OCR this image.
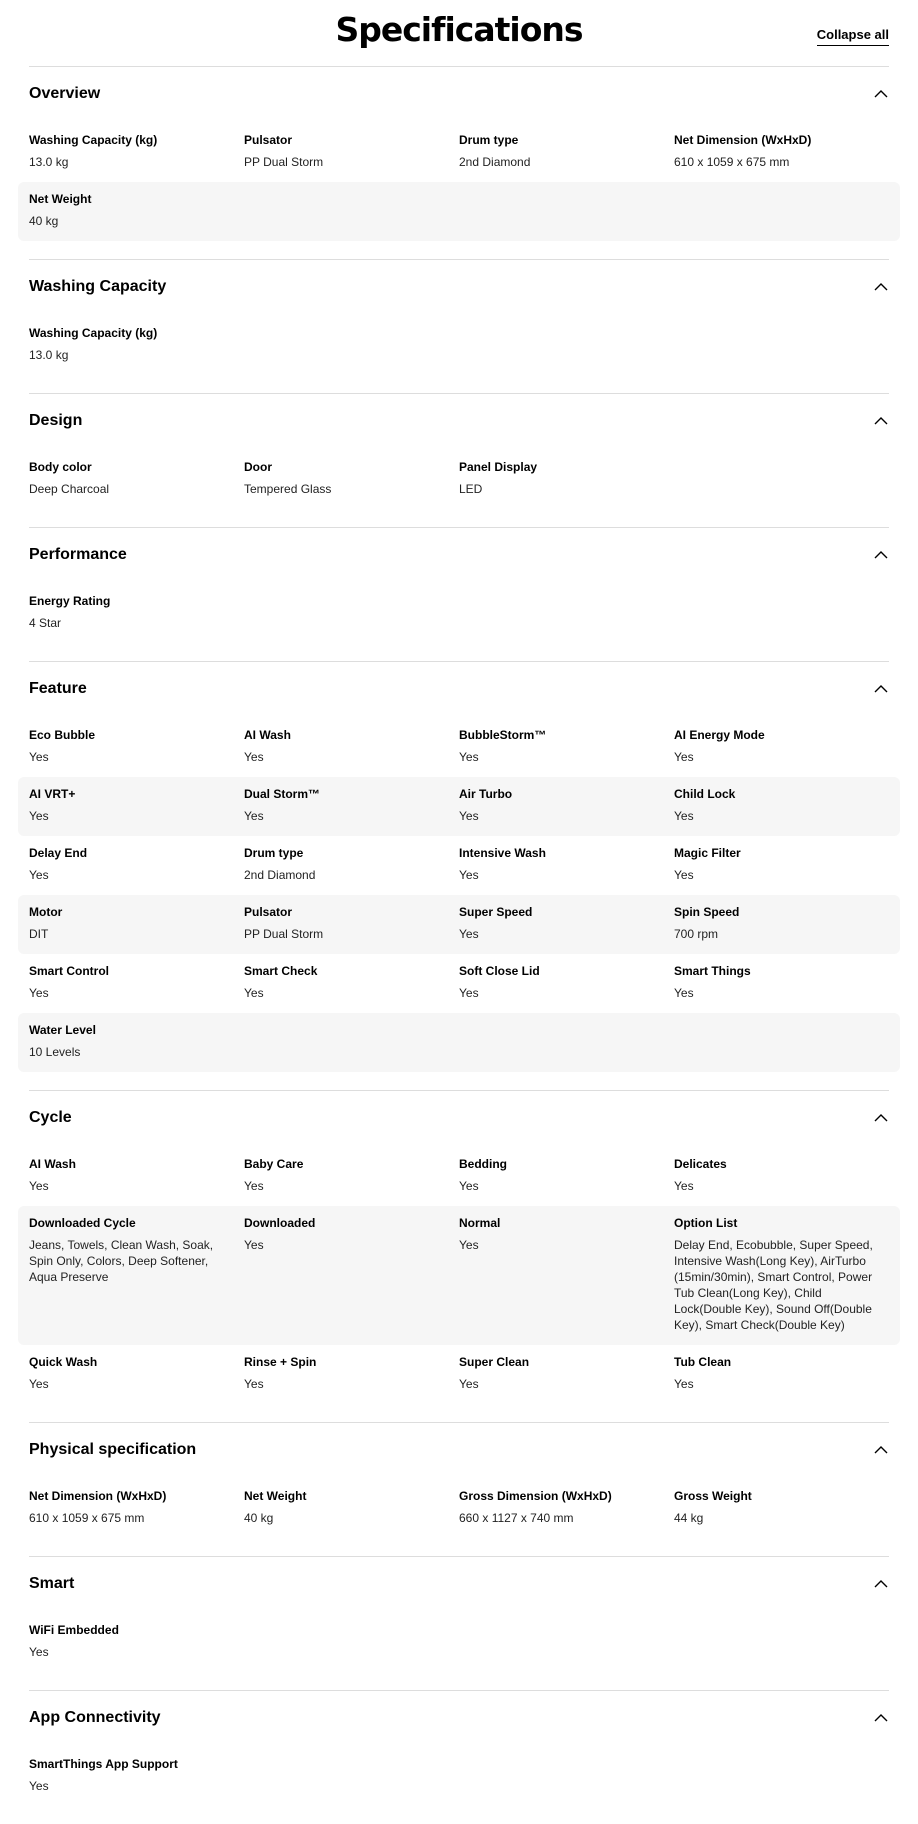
Specifications	Collapse all
Overview
Washing Capacity (kg)
13.0 kg
Pulsator
PP Dual Storm
Drum type
2nd Diamond
Net Dimension (WxHxD)
610 x 1059 x 675 mm
Net Weight
40 kg
Washing Capacity
Washing Capacity (kg)
13.0 kg
Design
Body color
Deep Charcoal
Door
Tempered Glass
Panel Display
LED
Performance
Energy Rating
4 Star
Feature
Eco Bubble
Yes
AI Wash
Yes
BubbleStorm™
Yes
AI Energy Mode
Yes
AI VRT+
Yes
Dual Storm™
Yes
Air Turbo
Yes
Child Lock
Yes
Delay End
Yes
Drum type
2nd Diamond
Intensive Wash
Yes
Magic Filter
Yes
Motor
DIT
Pulsator
PP Dual Storm
Super Speed
Yes
Spin Speed
700 rpm
Smart Control
Yes
Smart Check
Yes
Soft Close Lid
Yes
Smart Things
Yes
Water Level
10 Levels
Cycle
AI Wash
Yes
Baby Care
Yes
Bedding
Yes
Delicates
Yes
Downloaded Cycle
Jeans, Towels, Clean Wash, Soak, Spin Only, Colors, Deep Softener, Aqua Preserve
Downloaded
Yes
Normal
Yes
Option List
Delay End, Ecobubble, Super Speed, Intensive Wash(Long Key), AirTurbo (15min/30min), Smart Control, Power Tub Clean(Long Key), Child Lock(Double Key), Sound Off(Double Key), Smart Check(Double Key)
Quick Wash
Yes
Rinse + Spin
Yes
Super Clean
Yes
Tub Clean
Yes
Physical specification
Net Dimension (WxHxD)
610 x 1059 x 675 mm
Net Weight
40 kg
Gross Dimension (WxHxD)
660 x 1127 x 740 mm
Gross Weight
44 kg
Smart
WiFi Embedded
Yes
App Connectivity
SmartThings App Support
Yes
